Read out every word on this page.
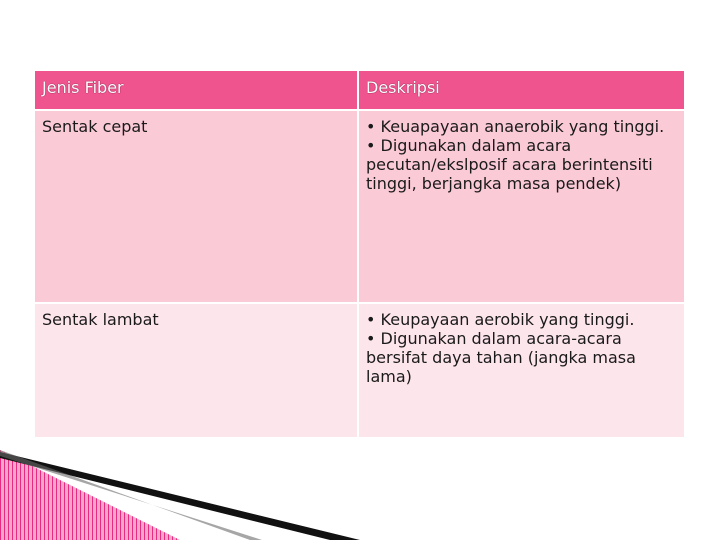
Jenis Fiber	Deskripsi
Sentak cepat	• Keuapayaan anaerobik yang tinggi.
• Digunakan dalam acara pecutan/ekslposif acara berintensiti tinggi, berjangka masa pendek)

Sentak lambat	• Keupayaan aerobik yang tinggi.
• Digunakan dalam acara-acara bersifat daya tahan (jangka masa lama)
